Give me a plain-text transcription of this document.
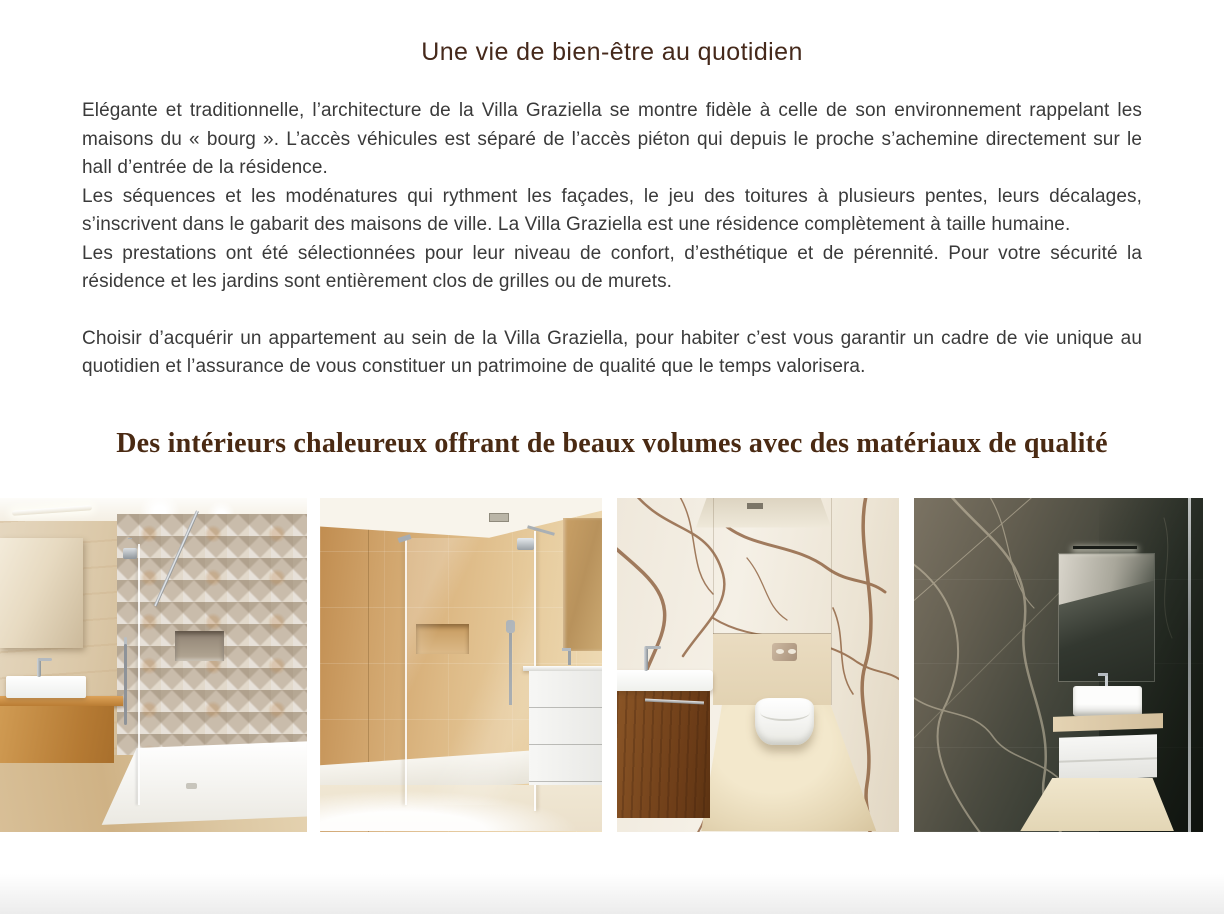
Une vie de bien-être au quotidien

Elégante et traditionnelle, l’architecture de la Villa Graziella se montre fidèle à celle de son environnement rappelant les maisons du « bourg ». L’accès véhicules est séparé de l’accès piéton qui depuis le proche s’achemine directement sur le hall d’entrée de la résidence.

Les séquences et les modénatures qui rythment les façades, le jeu des toitures à plusieurs pentes, leurs décalages, s’inscrivent dans le gabarit des maisons de ville. La Villa Graziella est une résidence complètement à taille humaine.

Les prestations ont été sélectionnées pour leur niveau de confort, d’esthétique et de pérennité. Pour votre sécurité la résidence et les jardins sont entièrement clos de grilles ou de murets.

Choisir d’acquérir un appartement au sein de la Villa Graziella, pour habiter c’est vous garantir un cadre de vie unique au quotidien et l’assurance de vous constituer un patrimoine de qualité que le temps valorisera.

Des intérieurs chaleureux offrant de beaux volumes avec des matériaux de qualité
